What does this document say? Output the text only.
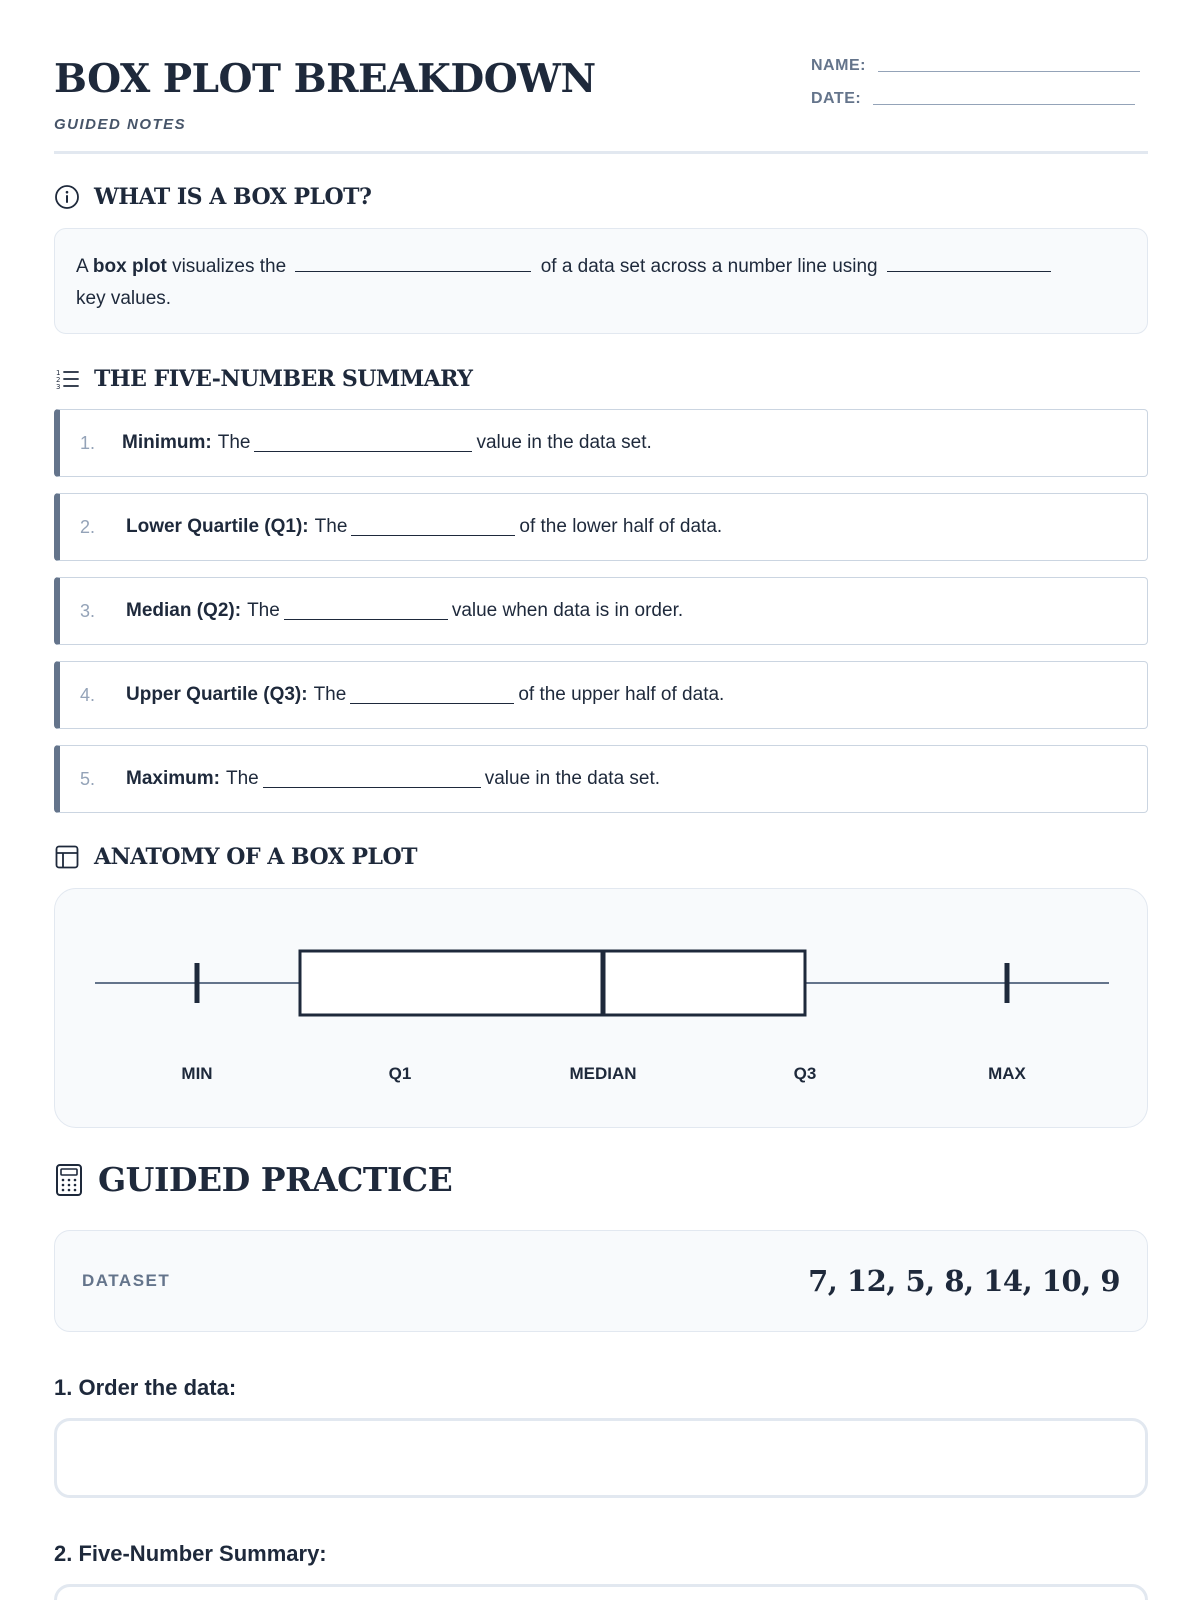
BOX PLOT BREAKDOWN
GUIDED NOTES
NAME:
DATE:
WHAT IS A BOX PLOT?
A box plot visualizes the	of a data set across a number line using
key values.
1
2
3 THE FIVE-NUMBER SUMMARY
1.	Minimum: The	value in the data set.
2.	Lower Quartile (Q1): The	of the lower half of data.
3.	Median (Q2): The	value when data is in order.
4.	Upper Quartile (Q3): The	of the upper half of data.
5.	Maximum: The	value in the data set.
ANATOMY OF A BOX PLOT
MIN	Q1	MEDIAN	Q3	MAX
GUIDED PRACTICE
DATASET	7, 12, 5, 8, 14, 10, 9
1. Order the data:
2. Five-Number Summary:
